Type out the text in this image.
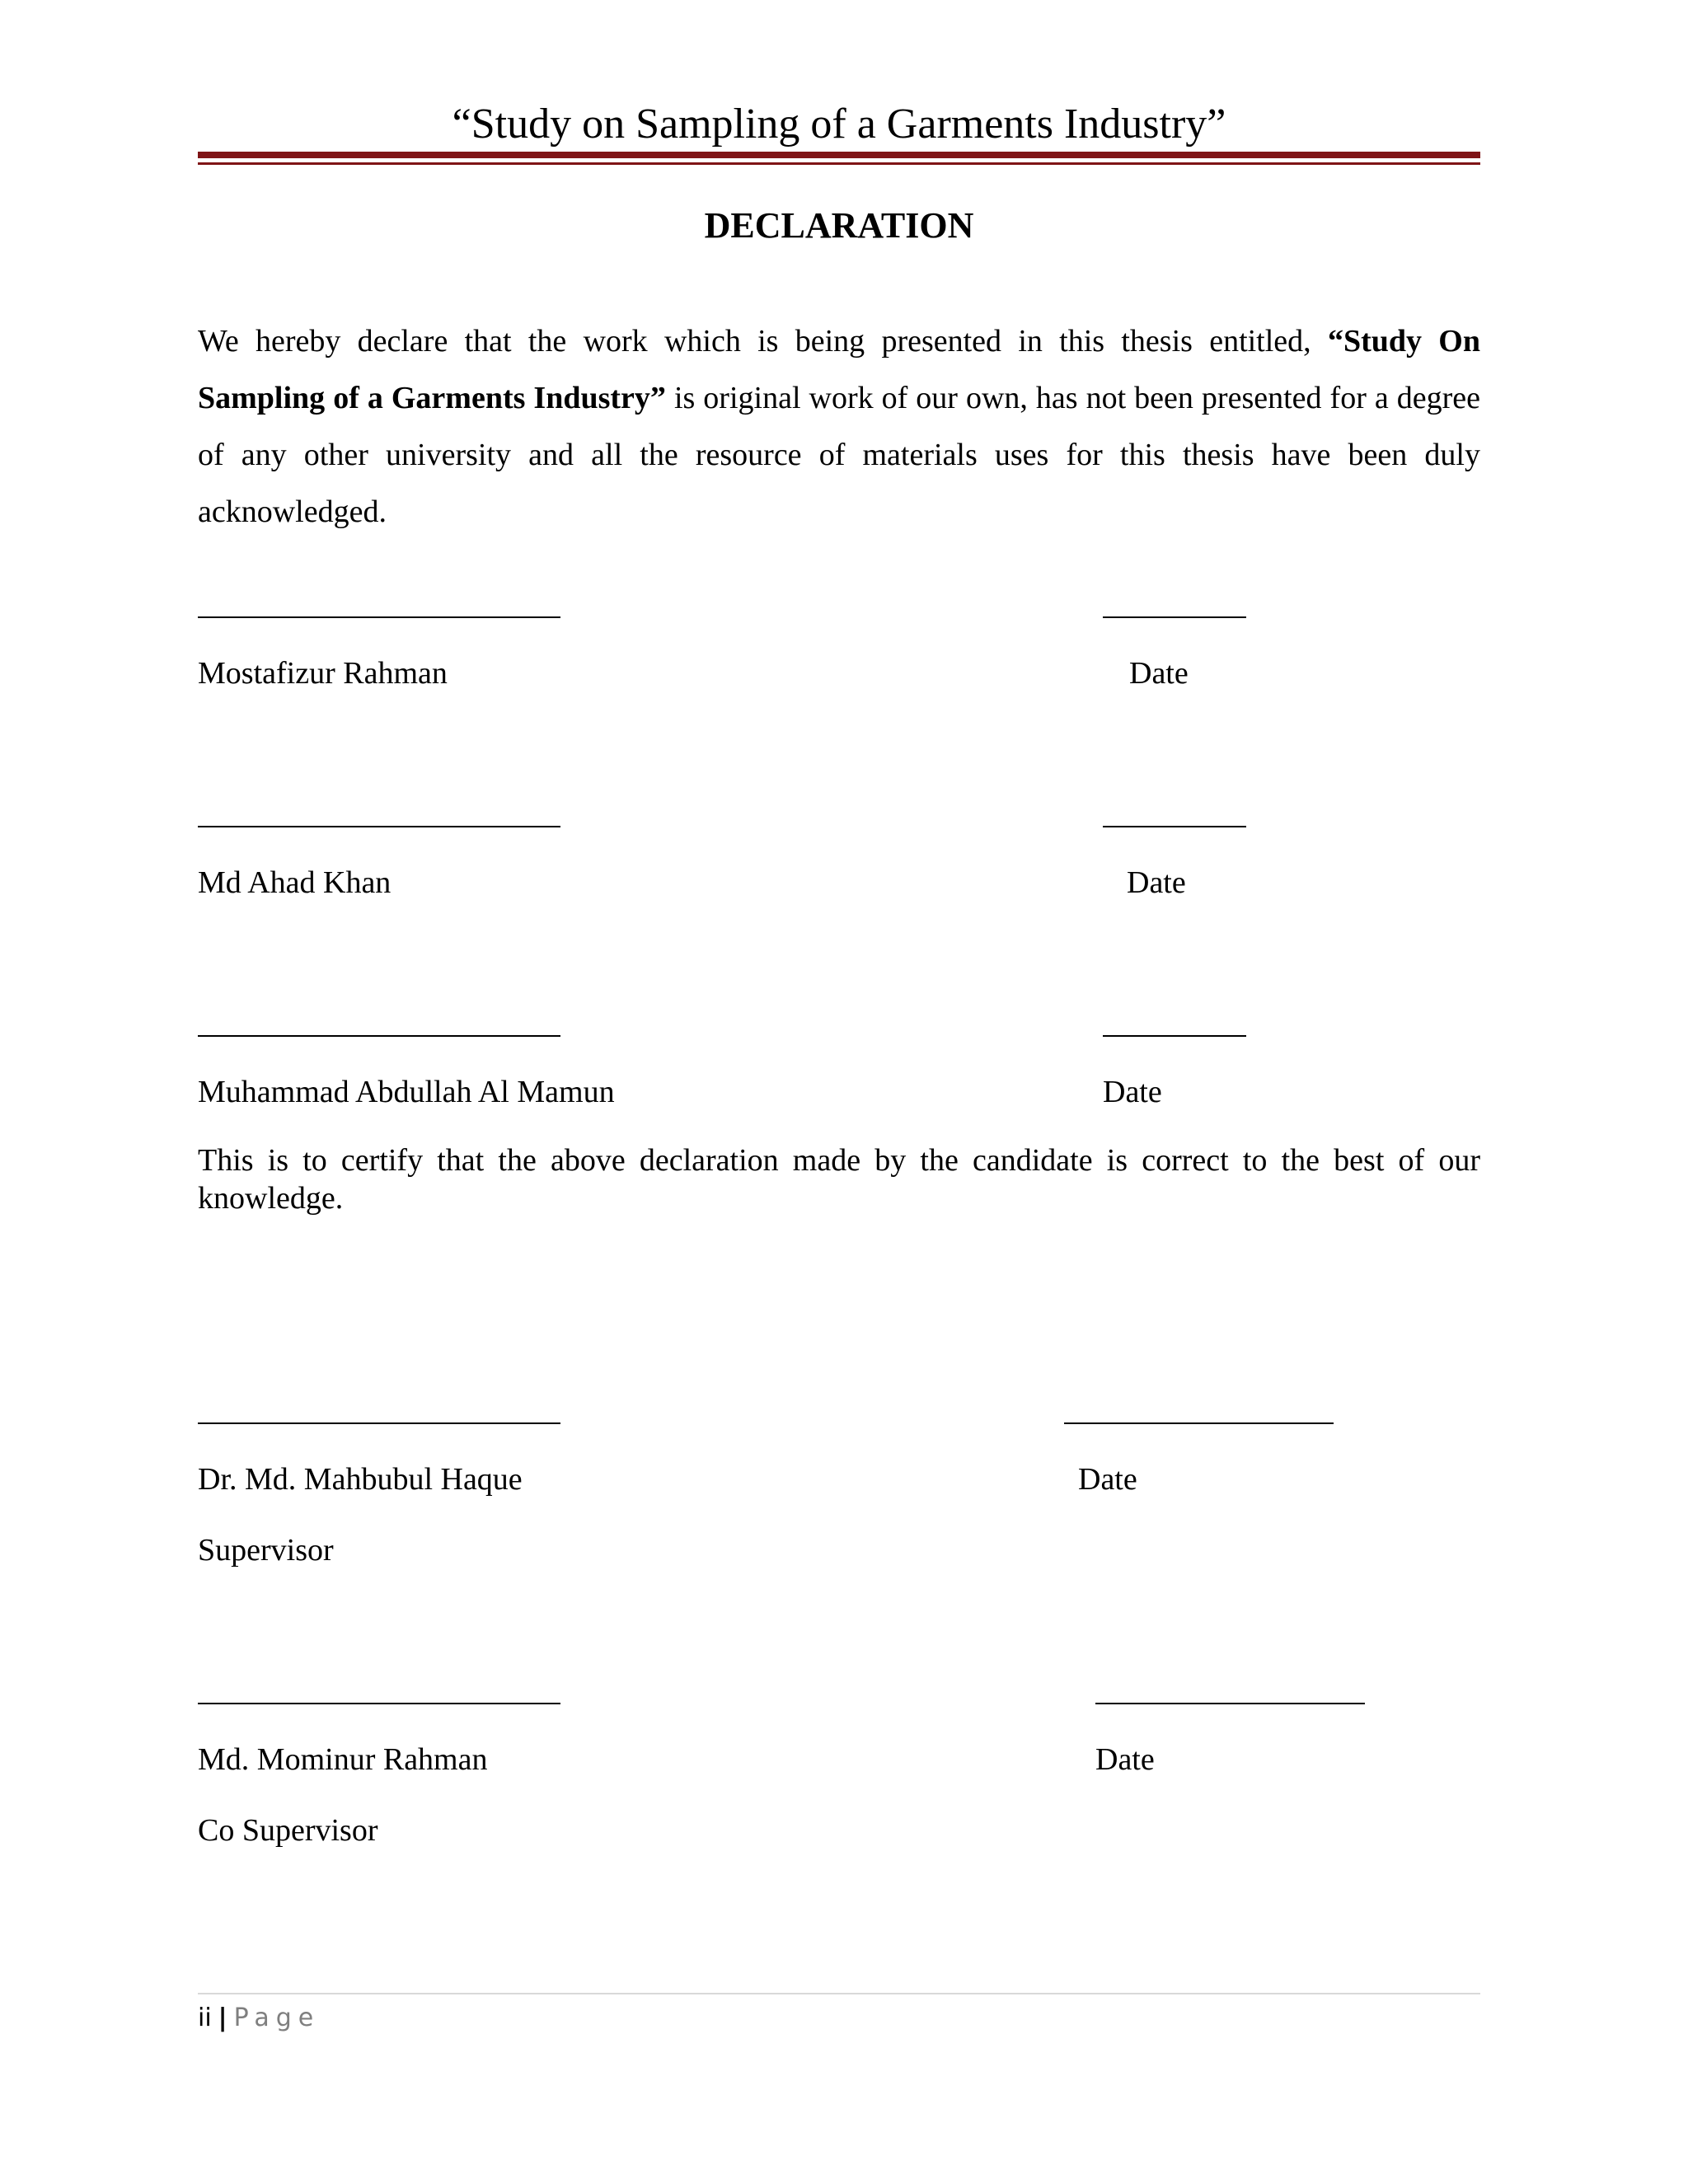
“Study on Sampling of a Garments Industry”
DECLARATION

We hereby declare that the work which is being presented in this thesis entitled, “Study On Sampling of a Garments Industry” is original work of our own, has not been presented for a degree of any other university and all the resource of materials uses for this thesis have been duly acknowledged.

Mostafizur Rahman	Date
Md Ahad Khan	Date
Muhammad Abdullah Al Mamun	Date

This is to certify that the above declaration made by the candidate is correct to the best of our knowledge.

Dr. Md. Mahbubul Haque	Date
Supervisor
Md. Mominur Rahman	Date
Co Supervisor
ii | Page
